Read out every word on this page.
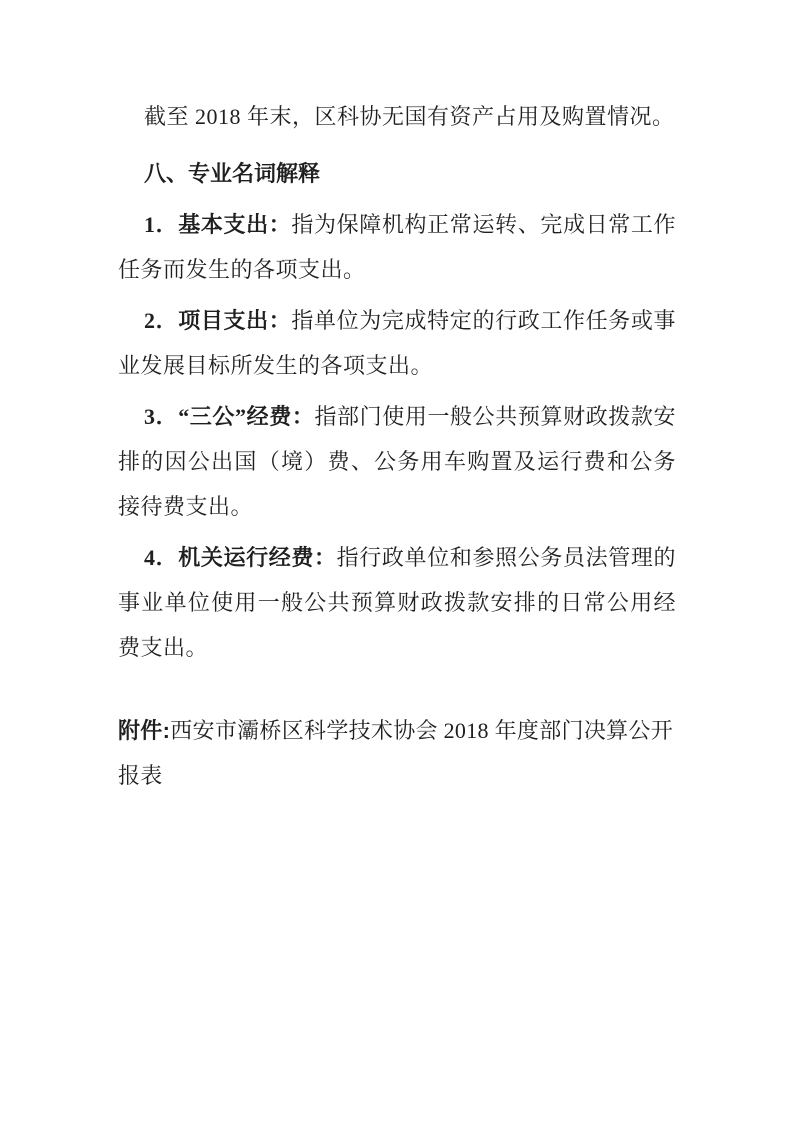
截至 2018 年末，区科协无国有资产占用及购置情况。

八、专业名词解释

1．基本支出：指为保障机构正常运转、完成日常工作任务而发生的各项支出。

2．项目支出：指单位为完成特定的行政工作任务或事业发展目标所发生的各项支出。

3．“三公”经费：指部门使用一般公共预算财政拨款安排的因公出国（境）费、公务用车购置及运行费和公务接待费支出。

4．机关运行经费：指行政单位和参照公务员法管理的事业单位使用一般公共预算财政拨款安排的日常公用经费支出。

附件:西安市灞桥区科学技术协会 2018 年度部门决算公开报表
